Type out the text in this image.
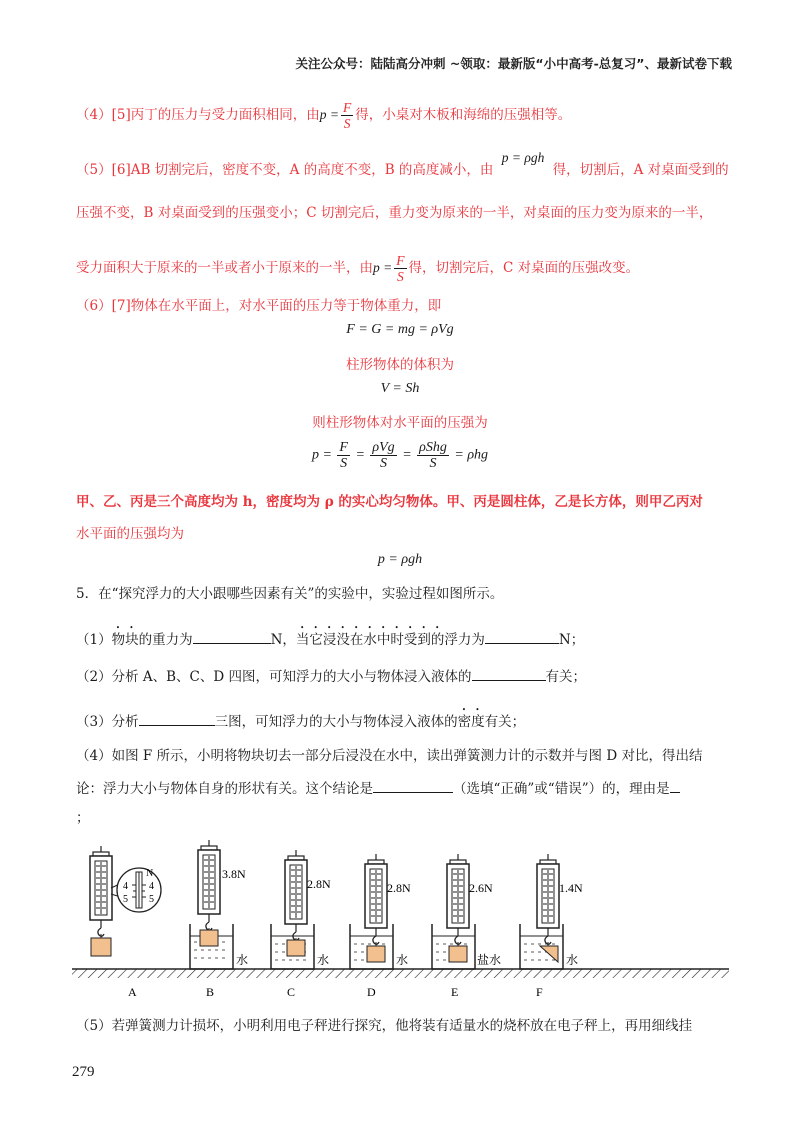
关注公众号：陆陆高分冲刺 ~领取：最新版“小中高考-总复习”、最新试卷下载
（4）[5]丙丁的压力与受力面积相同，由$p = \frac{F}{S}$ 得，小桌对木板和海绵的压强相等。
（5）[6]AB 切割完后，密度不变，A 的高度不变，B 的高度减小，由 p = ρgh 得，切割后，A 对桌面受到的
压强不变，B 对桌面受到的压强变小；C 切割完后，重力变为原来的一半，对桌面的压力变为原来的一半，
受力面积大于原来的一半或者小于原来的一半，由$p = \frac{F}{S}$ 得，切割完后，C 对桌面的压强改变。
（6）[7]物体在水平面上，对水平面的压力等于物体重力，即
F = G = mg = ρVg
柱形物体的体积为
V = Sh
则柱形物体对水平面的压强为
$p = \frac{F}{S} = \frac{\text{ρVg}}{S} = \frac{\text{ρShg}}{S} = \rho hg$
甲、乙、丙是三个高度均为 h，密度均为 ρ 的实心均匀物体。甲、丙是圆柱体，乙是长方体，则甲乙丙对
水平面的压强均为
p = ρgh
5．在“探究浮力的大小跟哪些因素有关”的实验中，实验过程如图所示。
（1）物块的重力为	N，当它浸没在水中时受到的浮力为	N；
（2）分析 A、B、C、D 四图，可知浮力的大小与物体浸入液体的	有关；
（3）分析	三图，可知浮力的大小与物体浸入液体的密度有关；
（4）如图 F 所示，小明将物块切去一部分后浸没在水中，读出弹簧测力计的示数并与图 D 对比，得出结
论：浮力大小与物体自身的形状有关。这个结论是	（选填“正确”或“错误”）的，理由是
；
N
4
5
4
5
A
3.8N
水
B
2.8N
水
C
2.8N
水
D
2.6N
盐水
E
1.4N
水
F
（5）若弹簧测力计损坏，小明利用电子秤进行探究，他将装有适量水的烧杯放在电子秤上，再用细线挂
279
